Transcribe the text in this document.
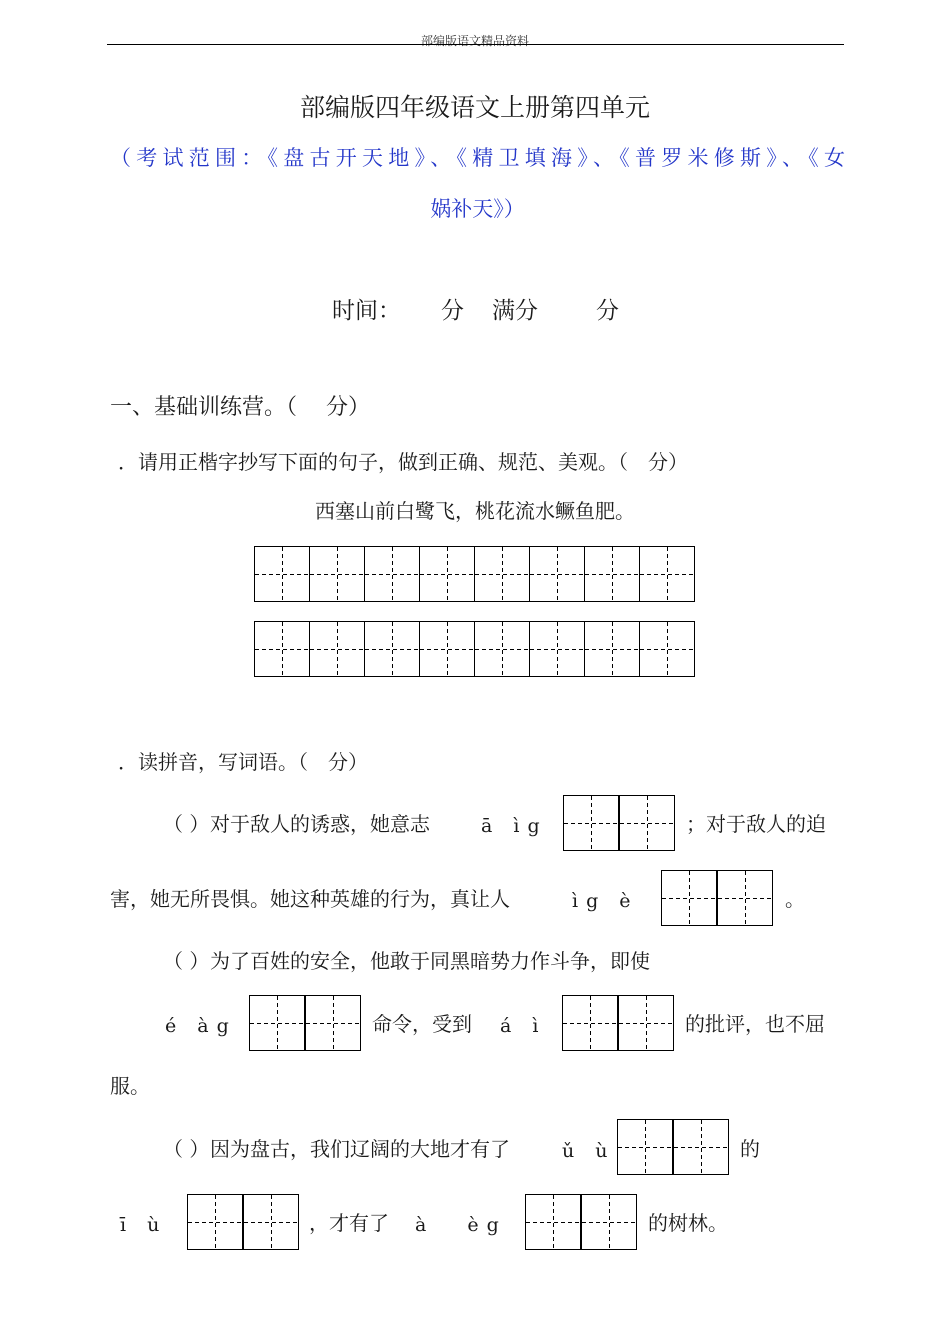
部编版语文精品资料
部编版四年级语文上册第四单元
（考试范围：《盘古开天地》、《精卫填海》、《普罗米修斯》、《女
娲补天》）
时间： 分 满分	分
一、基础训练营。（　 分）
．请用正楷字抄写下面的句子，做到正确、规范、美观。（　分）
西塞山前白鹭飞，桃花流水鳜鱼肥。
．读拼音，写词语。（　分）
（ ） 对于敌人的诱惑，她意志	ā　ì g	；对于敌人的迫
害，她无所畏惧。她这种英雄的行为，真让人	ì g　è	。
（ ） 为了百姓的安全，他敢于同黑暗势力作斗争，即使
é　à g	命令，受到 á　ì	的批评，也不屈
服。
（ ） 因为盘古，我们辽阔的大地才有了	ǔ　ù	的
ī　ù	，才有了 à　　è g	的树林。
